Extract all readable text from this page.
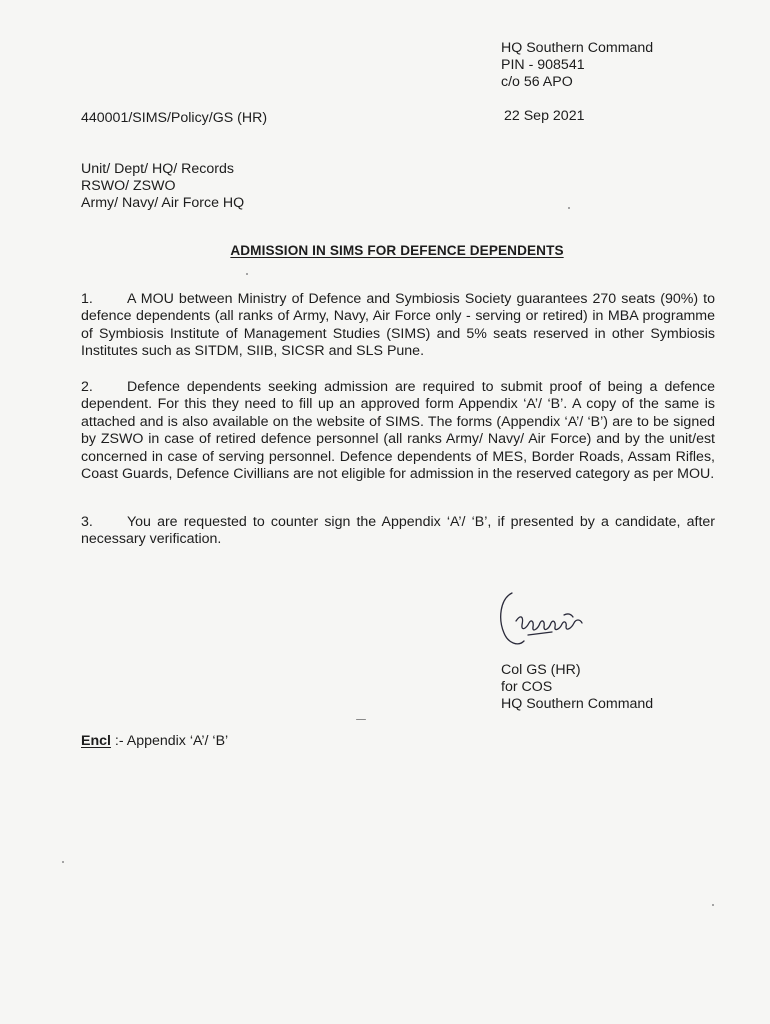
HQ Southern Command
PIN - 908541
c/o 56 APO
440001/SIMS/Policy/GS (HR)	22 Sep 2021
Unit/ Dept/ HQ/ Records
RSWO/ ZSWO
Army/ Navy/ Air Force HQ
ADMISSION IN SIMS FOR DEFENCE DEPENDENTS
1. A MOU between Ministry of Defence and Symbiosis Society guarantees 270 seats (90%) to defence dependents (all ranks of Army, Navy, Air Force only - serving or retired) in MBA programme of Symbiosis Institute of Management Studies (SIMS) and 5% seats reserved in other Symbiosis Institutes such as SITDM, SIIB, SICSR and SLS Pune.
2. Defence dependents seeking admission are required to submit proof of being a defence dependent. For this they need to fill up an approved form Appendix ‘A’/ ‘B’. A copy of the same is attached and is also available on the website of SIMS. The forms (Appendix ‘A’/ ‘B’) are to be signed by ZSWO in case of retired defence personnel (all ranks Army/ Navy/ Air Force) and by the unit/est concerned in case of serving personnel. Defence dependents of MES, Border Roads, Assam Rifles, Coast Guards, Defence Civillians are not eligible for admission in the reserved category as per MOU.
3. You are requested to counter sign the Appendix ‘A’/ ‘B’, if presented by a candidate, after necessary verification.
Col GS (HR)
for COS
HQ Southern Command
Encl :- Appendix ‘A’/ ‘B’
